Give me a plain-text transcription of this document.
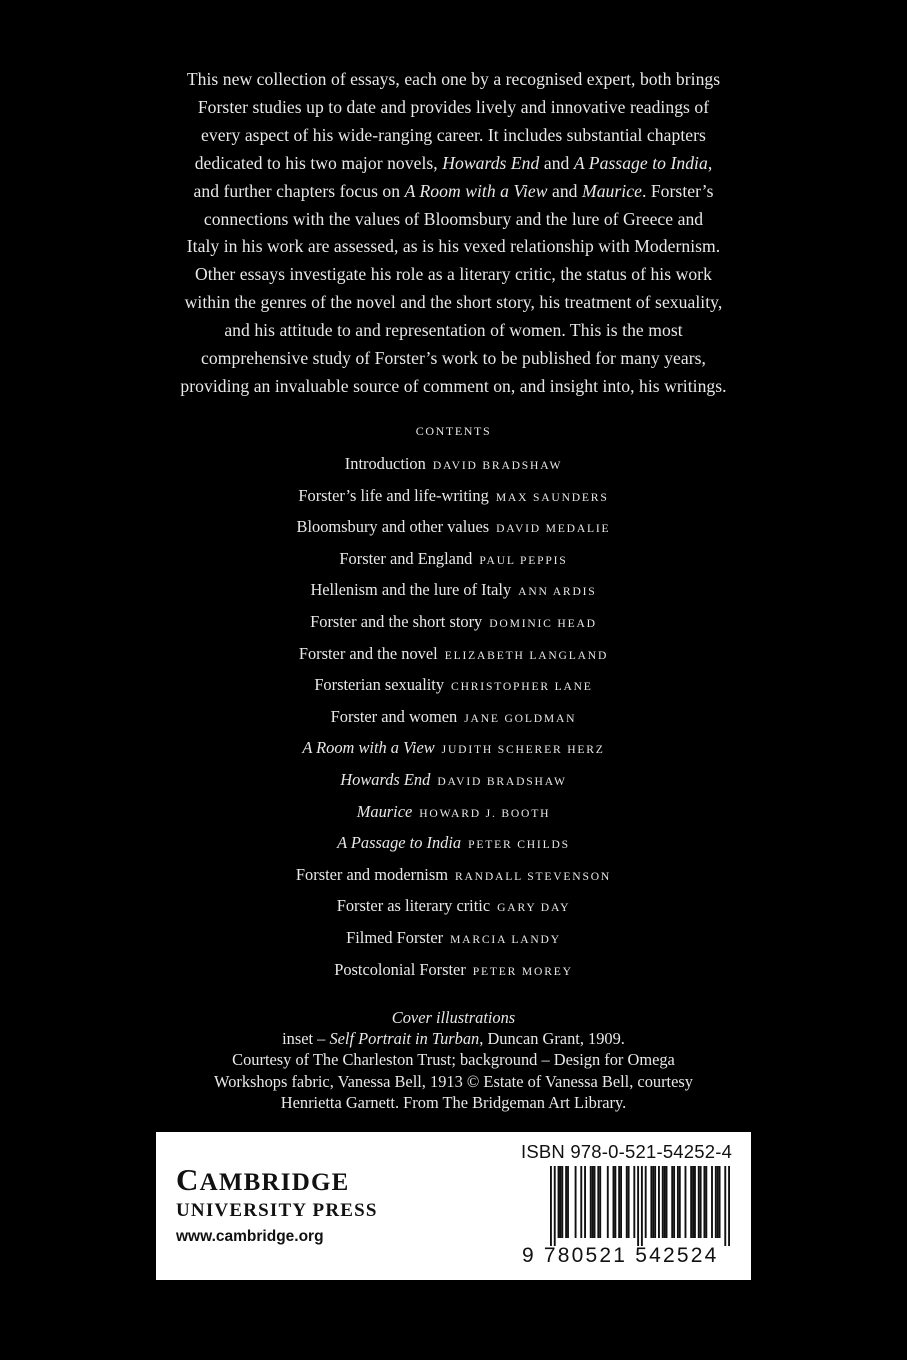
This new collection of essays, each one by a recognised expert, both brings

Forster studies up to date and provides lively and innovative readings of

every aspect of his wide-ranging career. It includes substantial chapters

dedicated to his two major novels, Howards End and A Passage to India,

and further chapters focus on A Room with a View and Maurice. Forster’s

connections with the values of Bloomsbury and the lure of Greece and

Italy in his work are assessed, as is his vexed relationship with Modernism.

Other essays investigate his role as a literary critic, the status of his work

within the genres of the novel and the short story, his treatment of sexuality,

and his attitude to and representation of women. This is the most

comprehensive study of Forster’s work to be published for many years,

providing an invaluable source of comment on, and insight into, his writings.

CONTENTS
Introduction DAVID BRADSHAW
Forster’s life and life-writing MAX SAUNDERS
Bloomsbury and other values DAVID MEDALIE
Forster and England PAUL PEPPIS
Hellenism and the lure of Italy ANN ARDIS
Forster and the short story DOMINIC HEAD
Forster and the novel ELIZABETH LANGLAND
Forsterian sexuality CHRISTOPHER LANE
Forster and women JANE GOLDMAN
A Room with a View JUDITH SCHERER HERZ
Howards End DAVID BRADSHAW
Maurice HOWARD J. BOOTH
A Passage to India PETER CHILDS
Forster and modernism RANDALL STEVENSON
Forster as literary critic GARY DAY
Filmed Forster MARCIA LANDY
Postcolonial Forster PETER MOREY
Cover illustrations
inset – Self Portrait in Turban, Duncan Grant, 1909.
Courtesy of The Charleston Trust; background – Design for Omega
Workshops fabric, Vanessa Bell, 1913 © Estate of Vanessa Bell, courtesy
Henrietta Garnett. From The Bridgeman Art Library.
CAMBRIDGE
UNIVERSITY PRESS
www.cambridge.org
ISBN 978-0-521-54252-4
9 780521 542524
